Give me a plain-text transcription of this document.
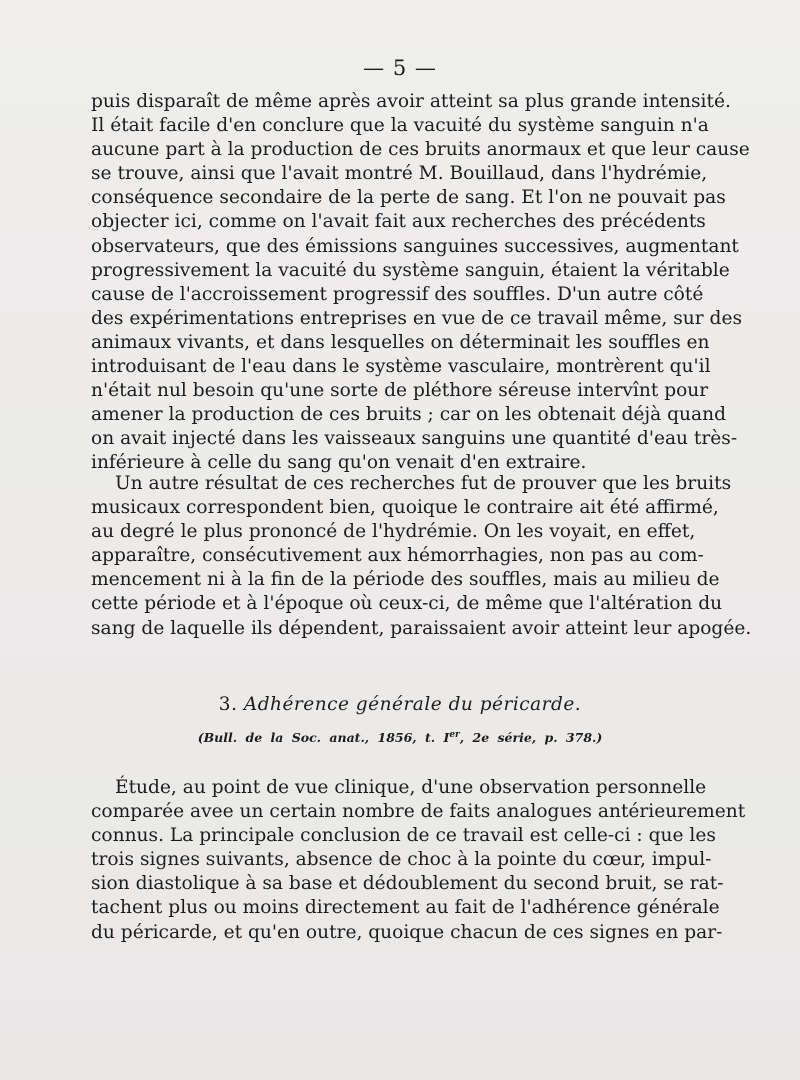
— 5 —
puis disparaît de même après avoir atteint sa plus grande intensité.
Il était facile d'en conclure que la vacuité du système sanguin n'a
aucune part à la production de ces bruits anormaux et que leur cause
se trouve, ainsi que l'avait montré M. Bouillaud, dans l'hydrémie,
conséquence secondaire de la perte de sang. Et l'on ne pouvait pas
objecter ici, comme on l'avait fait aux recherches des précédents
observateurs, que des émissions sanguines successives, augmentant
progressivement la vacuité du système sanguin, étaient la véritable
cause de l'accroissement progressif des souffles. D'un autre côté
des expérimentations entreprises en vue de ce travail même, sur des
animaux vivants, et dans lesquelles on déterminait les souffles en
introduisant de l'eau dans le système vasculaire, montrèrent qu'il
n'était nul besoin qu'une sorte de pléthore séreuse intervînt pour
amener la production de ces bruits ; car on les obtenait déjà quand
on avait injecté dans les vaisseaux sanguins une quantité d'eau très-
inférieure à celle du sang qu'on venait d'en extraire.
Un autre résultat de ces recherches fut de prouver que les bruits
musicaux correspondent bien, quoique le contraire ait été affirmé,
au degré le plus prononcé de l'hydrémie. On les voyait, en effet,
apparaître, consécutivement aux hémorrhagies, non pas au com-
mencement ni à la fin de la période des souffles, mais au milieu de
cette période et à l'époque où ceux-ci, de même que l'altération du
sang de laquelle ils dépendent, paraissaient avoir atteint leur apogée.
3. Adhérence générale du péricarde.
(Bull. de la Soc. anat., 1856, t. Ier, 2e série, p. 378.)
Étude, au point de vue clinique, d'une observation personnelle
comparée avee un certain nombre de faits analogues antérieurement
connus. La principale conclusion de ce travail est celle-ci : que les
trois signes suivants, absence de choc à la pointe du cœur, impul-
sion diastolique à sa base et dédoublement du second bruit, se rat-
tachent plus ou moins directement au fait de l'adhérence générale
du péricarde, et qu'en outre, quoique chacun de ces signes en par-
